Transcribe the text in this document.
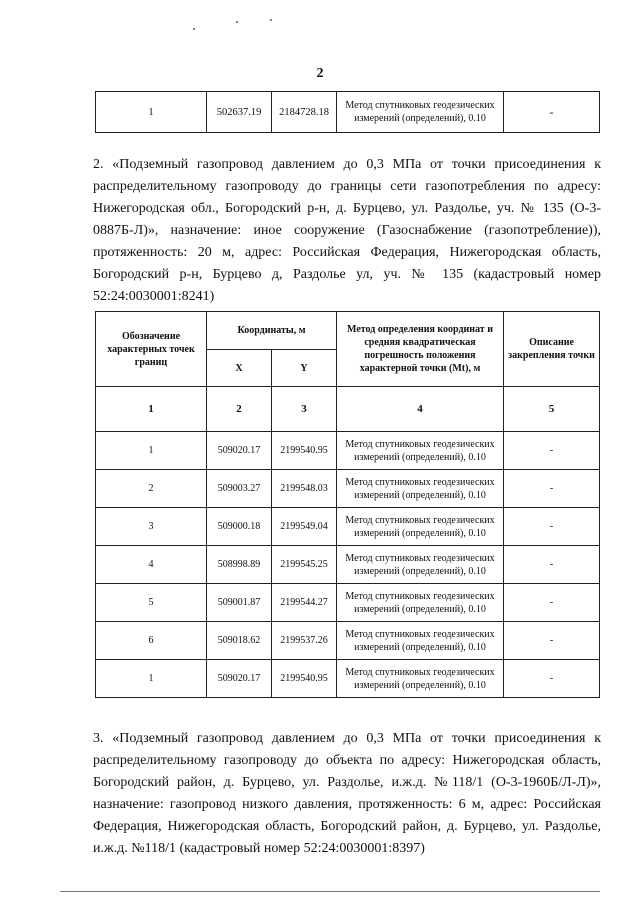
2
1	502637.19	2184728.18	Метод спутниковых геодезических измерений (определений), 0.10	-
2. «Подземный газопровод давлением до 0,3 МПа от точки присоединения к распределительному газопроводу до границы сети газопотребления по адресу: Нижегородская обл., Богородский р-н, д. Бурцево, ул. Раздолье, уч. № 135 (О-3-0887Б-Л)», назначение: иное сооружение (Газоснабжение (газопотребление)), протяженность: 20 м, адрес: Российская Федерация, Нижегородская область, Богородский р-н, Бурцево д, Раздолье ул, уч. № 135 (кадастровый номер 52:24:0030001:8241)
Обозначение характерных точек границ	Координаты, м		Метод определения координат и средняя квадратическая погрешность положения характерной точки (Mt), м	Описание закрепления точки
	X	Y		
1	2	3	4	5
1	509020.17	2199540.95	Метод спутниковых геодезических измерений (определений), 0.10	-
2	509003.27	2199548.03	Метод спутниковых геодезических измерений (определений), 0.10	-
3	509000.18	2199549.04	Метод спутниковых геодезических измерений (определений), 0.10	-
4	508998.89	2199545.25	Метод спутниковых геодезических измерений (определений), 0.10	-
5	509001.87	2199544.27	Метод спутниковых геодезических измерений (определений), 0.10	-
6	509018.62	2199537.26	Метод спутниковых геодезических измерений (определений), 0.10	-
1	509020.17	2199540.95	Метод спутниковых геодезических измерений (определений), 0.10	-
3. «Подземный газопровод давлением до 0,3 МПа от точки присоединения к распределительному газопроводу до объекта по адресу: Нижегородская область, Богородский район, д. Бурцево, ул. Раздолье, и.ж.д. №118/1 (О-3-1960Б/Л-Л)», назначение: газопровод низкого давления, протяженность: 6 м, адрес: Российская Федерация, Нижегородская область, Богородский район, д. Бурцево, ул. Раздолье, и.ж.д. №118/1 (кадастровый номер 52:24:0030001:8397)
